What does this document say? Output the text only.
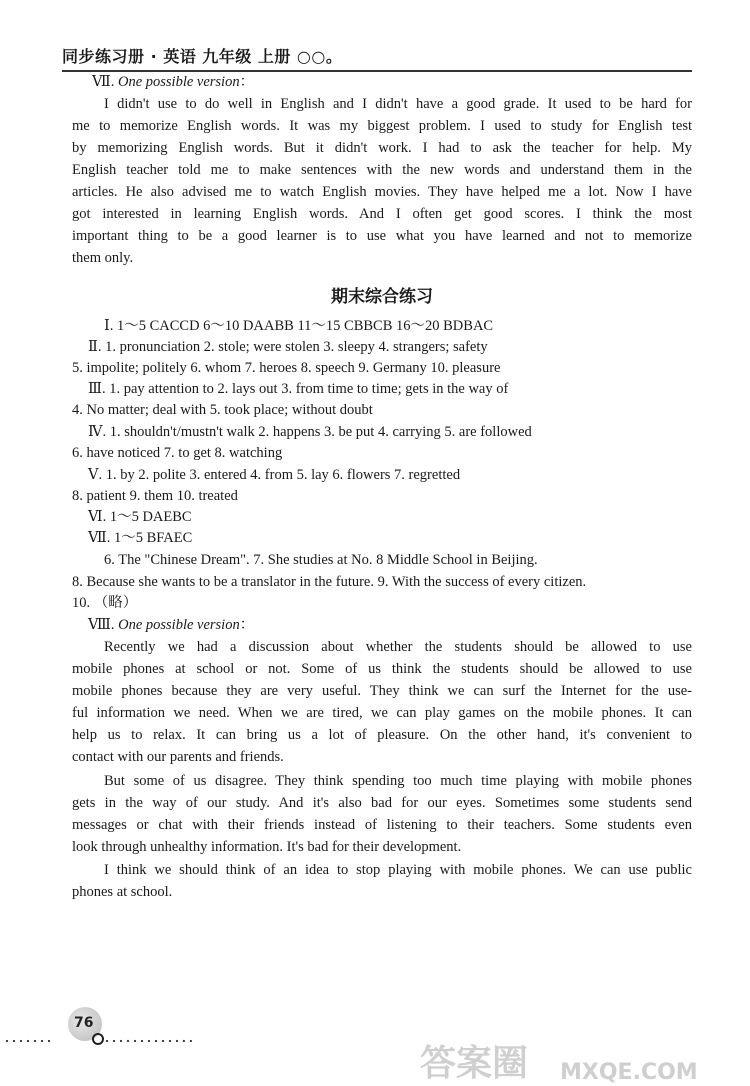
同步练习册 · 英语 九年级 上册 ○○。
Ⅶ. One possible version：
I didn't use to do well in English and I didn't have a good grade. It used to be hard for
me to memorize English words. It was my biggest problem. I used to study for English test
by memorizing English words. But it didn't work. I had to ask the teacher for help. My
English teacher told me to make sentences with the new words and understand them in the
articles. He also advised me to watch English movies. They have helped me a lot. Now I have
got interested in learning English words. And I often get good scores. I think the most
important thing to be a good learner is to use what you have learned and not to memorize
them only.
期末综合练习
Ⅰ. 1～5 CACCD 6～10 DAABB 11～15 CBBCB 16～20 BDBAC
Ⅱ. 1. pronunciation 2. stole; were stolen 3. sleepy 4. strangers; safety
5. impolite; politely 6. whom 7. heroes 8. speech 9. Germany 10. pleasure
Ⅲ. 1. pay attention to 2. lays out 3. from time to time; gets in the way of
4. No matter; deal with 5. took place; without doubt
Ⅳ. 1. shouldn't/mustn't walk 2. happens 3. be put 4. carrying 5. are followed
6. have noticed 7. to get 8. watching
Ⅴ. 1. by 2. polite 3. entered 4. from 5. lay 6. flowers 7. regretted
8. patient 9. them 10. treated
Ⅵ. 1～5 DAEBC
Ⅶ. 1～5 BFAEC
6. The "Chinese Dream". 7. She studies at No. 8 Middle School in Beijing.
8. Because she wants to be a translator in the future. 9. With the success of every citizen.
10. （略）
Ⅷ. One possible version：
Recently we had a discussion about whether the students should be allowed to use
mobile phones at school or not. Some of us think the students should be allowed to use
mobile phones because they are very useful. They think we can surf the Internet for the use-
ful information we need. When we are tired, we can play games on the mobile phones. It can
help us to relax. It can bring us a lot of pleasure. On the other hand, it's convenient to
contact with our parents and friends.
But some of us disagree. They think spending too much time playing with mobile phones
gets in the way of our study. And it's also bad for our eyes. Sometimes some students send
messages or chat with their friends instead of listening to their teachers. Some students even
look through unhealthy information. It's bad for their development.
I think we should think of an idea to stop playing with mobile phones. We can use public
phones at school.
·······
76
·············
答案圈 MXQE.COM
